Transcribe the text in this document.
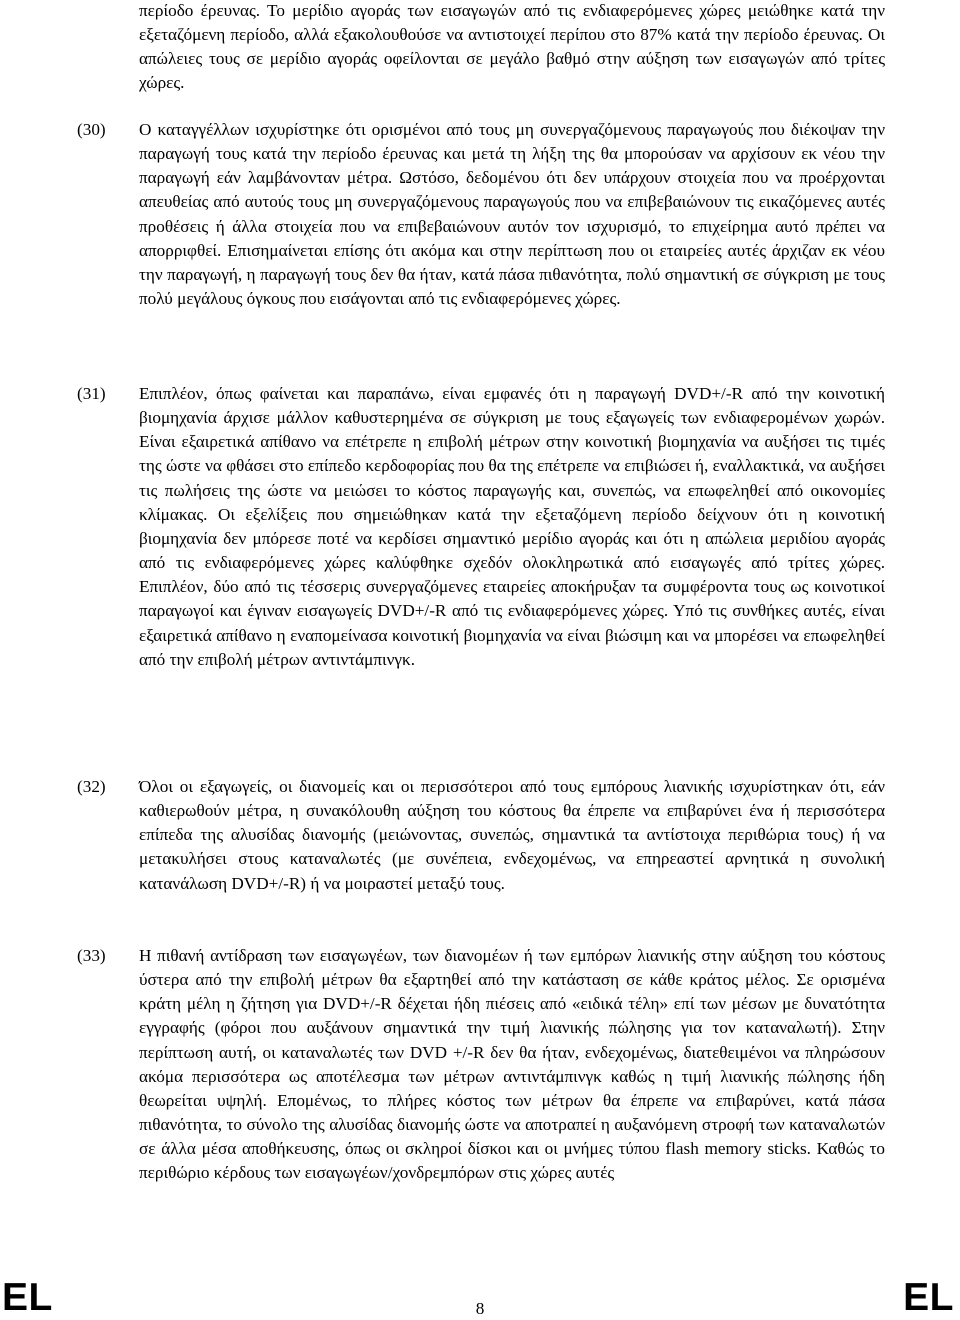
περίοδο έρευνας. Το μερίδιο αγοράς των εισαγωγών από τις ενδιαφερόμενες χώρες μειώθηκε κατά την εξεταζόμενη περίοδο, αλλά εξακολουθούσε να αντιστοιχεί περίπου στο 87% κατά την περίοδο έρευνας. Οι απώλειες τους σε μερίδιο αγοράς οφείλονται σε μεγάλο βαθμό στην αύξηση των εισαγωγών από τρίτες χώρες.

(30) Ο καταγγέλλων ισχυρίστηκε ότι ορισμένοι από τους μη συνεργαζόμενους παραγωγούς που διέκοψαν την παραγωγή τους κατά την περίοδο έρευνας και μετά τη λήξη της θα μπορούσαν να αρχίσουν εκ νέου την παραγωγή εάν λαμβάνονταν μέτρα. Ωστόσο, δεδομένου ότι δεν υπάρχουν στοιχεία που να προέρχονται απευθείας από αυτούς τους μη συνεργαζόμενους παραγωγούς που να επιβεβαιώνουν τις εικαζόμενες αυτές προθέσεις ή άλλα στοιχεία που να επιβεβαιώνουν αυτόν τον ισχυρισμό, το επιχείρημα αυτό πρέπει να απορριφθεί. Επισημαίνεται επίσης ότι ακόμα και στην περίπτωση που οι εταιρείες αυτές άρχιζαν εκ νέου την παραγωγή, η παραγωγή τους δεν θα ήταν, κατά πάσα πιθανότητα, πολύ σημαντική σε σύγκριση με τους πολύ μεγάλους όγκους που εισάγονται από τις ενδιαφερόμενες χώρες.

(31) Επιπλέον, όπως φαίνεται και παραπάνω, είναι εμφανές ότι η παραγωγή DVD+/-R από την κοινοτική βιομηχανία άρχισε μάλλον καθυστερημένα σε σύγκριση με τους εξαγωγείς των ενδιαφερομένων χωρών. Είναι εξαιρετικά απίθανο να επέτρεπε η επιβολή μέτρων στην κοινοτική βιομηχανία να αυξήσει τις τιμές της ώστε να φθάσει στο επίπεδο κερδοφορίας που θα της επέτρεπε να επιβιώσει ή, εναλλακτικά, να αυξήσει τις πωλήσεις της ώστε να μειώσει το κόστος παραγωγής και, συνεπώς, να επωφεληθεί από οικονομίες κλίμακας. Οι εξελίξεις που σημειώθηκαν κατά την εξεταζόμενη περίοδο δείχνουν ότι η κοινοτική βιομηχανία δεν μπόρεσε ποτέ να κερδίσει σημαντικό μερίδιο αγοράς και ότι η απώλεια μεριδίου αγοράς από τις ενδιαφερόμενες χώρες καλύφθηκε σχεδόν ολοκληρωτικά από εισαγωγές από τρίτες χώρες. Επιπλέον, δύο από τις τέσσερις συνεργαζόμενες εταιρείες αποκήρυξαν τα συμφέροντα τους ως κοινοτικοί παραγωγοί και έγιναν εισαγωγείς DVD+/-R από τις ενδιαφερόμενες χώρες. Υπό τις συνθήκες αυτές, είναι εξαιρετικά απίθανο η εναπομείνασα κοινοτική βιομηχανία να είναι βιώσιμη και να μπορέσει να επωφεληθεί από την επιβολή μέτρων αντιντάμπινγκ.

(32) Όλοι οι εξαγωγείς, οι διανομείς και οι περισσότεροι από τους εμπόρους λιανικής ισχυρίστηκαν ότι, εάν καθιερωθούν μέτρα, η συνακόλουθη αύξηση του κόστους θα έπρεπε να επιβαρύνει ένα ή περισσότερα επίπεδα της αλυσίδας διανομής (μειώνοντας, συνεπώς, σημαντικά τα αντίστοιχα περιθώρια τους) ή να μετακυλήσει στους καταναλωτές (με συνέπεια, ενδεχομένως, να επηρεαστεί αρνητικά η συνολική κατανάλωση DVD+/-R) ή να μοιραστεί μεταξύ τους.

(33) Η πιθανή αντίδραση των εισαγωγέων, των διανομέων ή των εμπόρων λιανικής στην αύξηση του κόστους ύστερα από την επιβολή μέτρων θα εξαρτηθεί από την κατάσταση σε κάθε κράτος μέλος. Σε ορισμένα κράτη μέλη η ζήτηση για DVD+/-R δέχεται ήδη πιέσεις από «ειδικά τέλη» επί των μέσων με δυνατότητα εγγραφής (φόροι που αυξάνουν σημαντικά την τιμή λιανικής πώλησης για τον καταναλωτή). Στην περίπτωση αυτή, οι καταναλωτές των DVD +/-R δεν θα ήταν, ενδεχομένως, διατεθειμένοι να πληρώσουν ακόμα περισσότερα ως αποτέλεσμα των μέτρων αντιντάμπινγκ καθώς η τιμή λιανικής πώλησης ήδη θεωρείται υψηλή. Επομένως, το πλήρες κόστος των μέτρων θα έπρεπε να επιβαρύνει, κατά πάσα πιθανότητα, το σύνολο της αλυσίδας διανομής ώστε να αποτραπεί η αυξανόμενη στροφή των καταναλωτών σε άλλα μέσα αποθήκευσης, όπως οι σκληροί δίσκοι και οι μνήμες τύπου flash memory sticks. Καθώς το περιθώριο κέρδους των εισαγωγέων/χονδρεμπόρων στις χώρες αυτές

EL	8	EL
